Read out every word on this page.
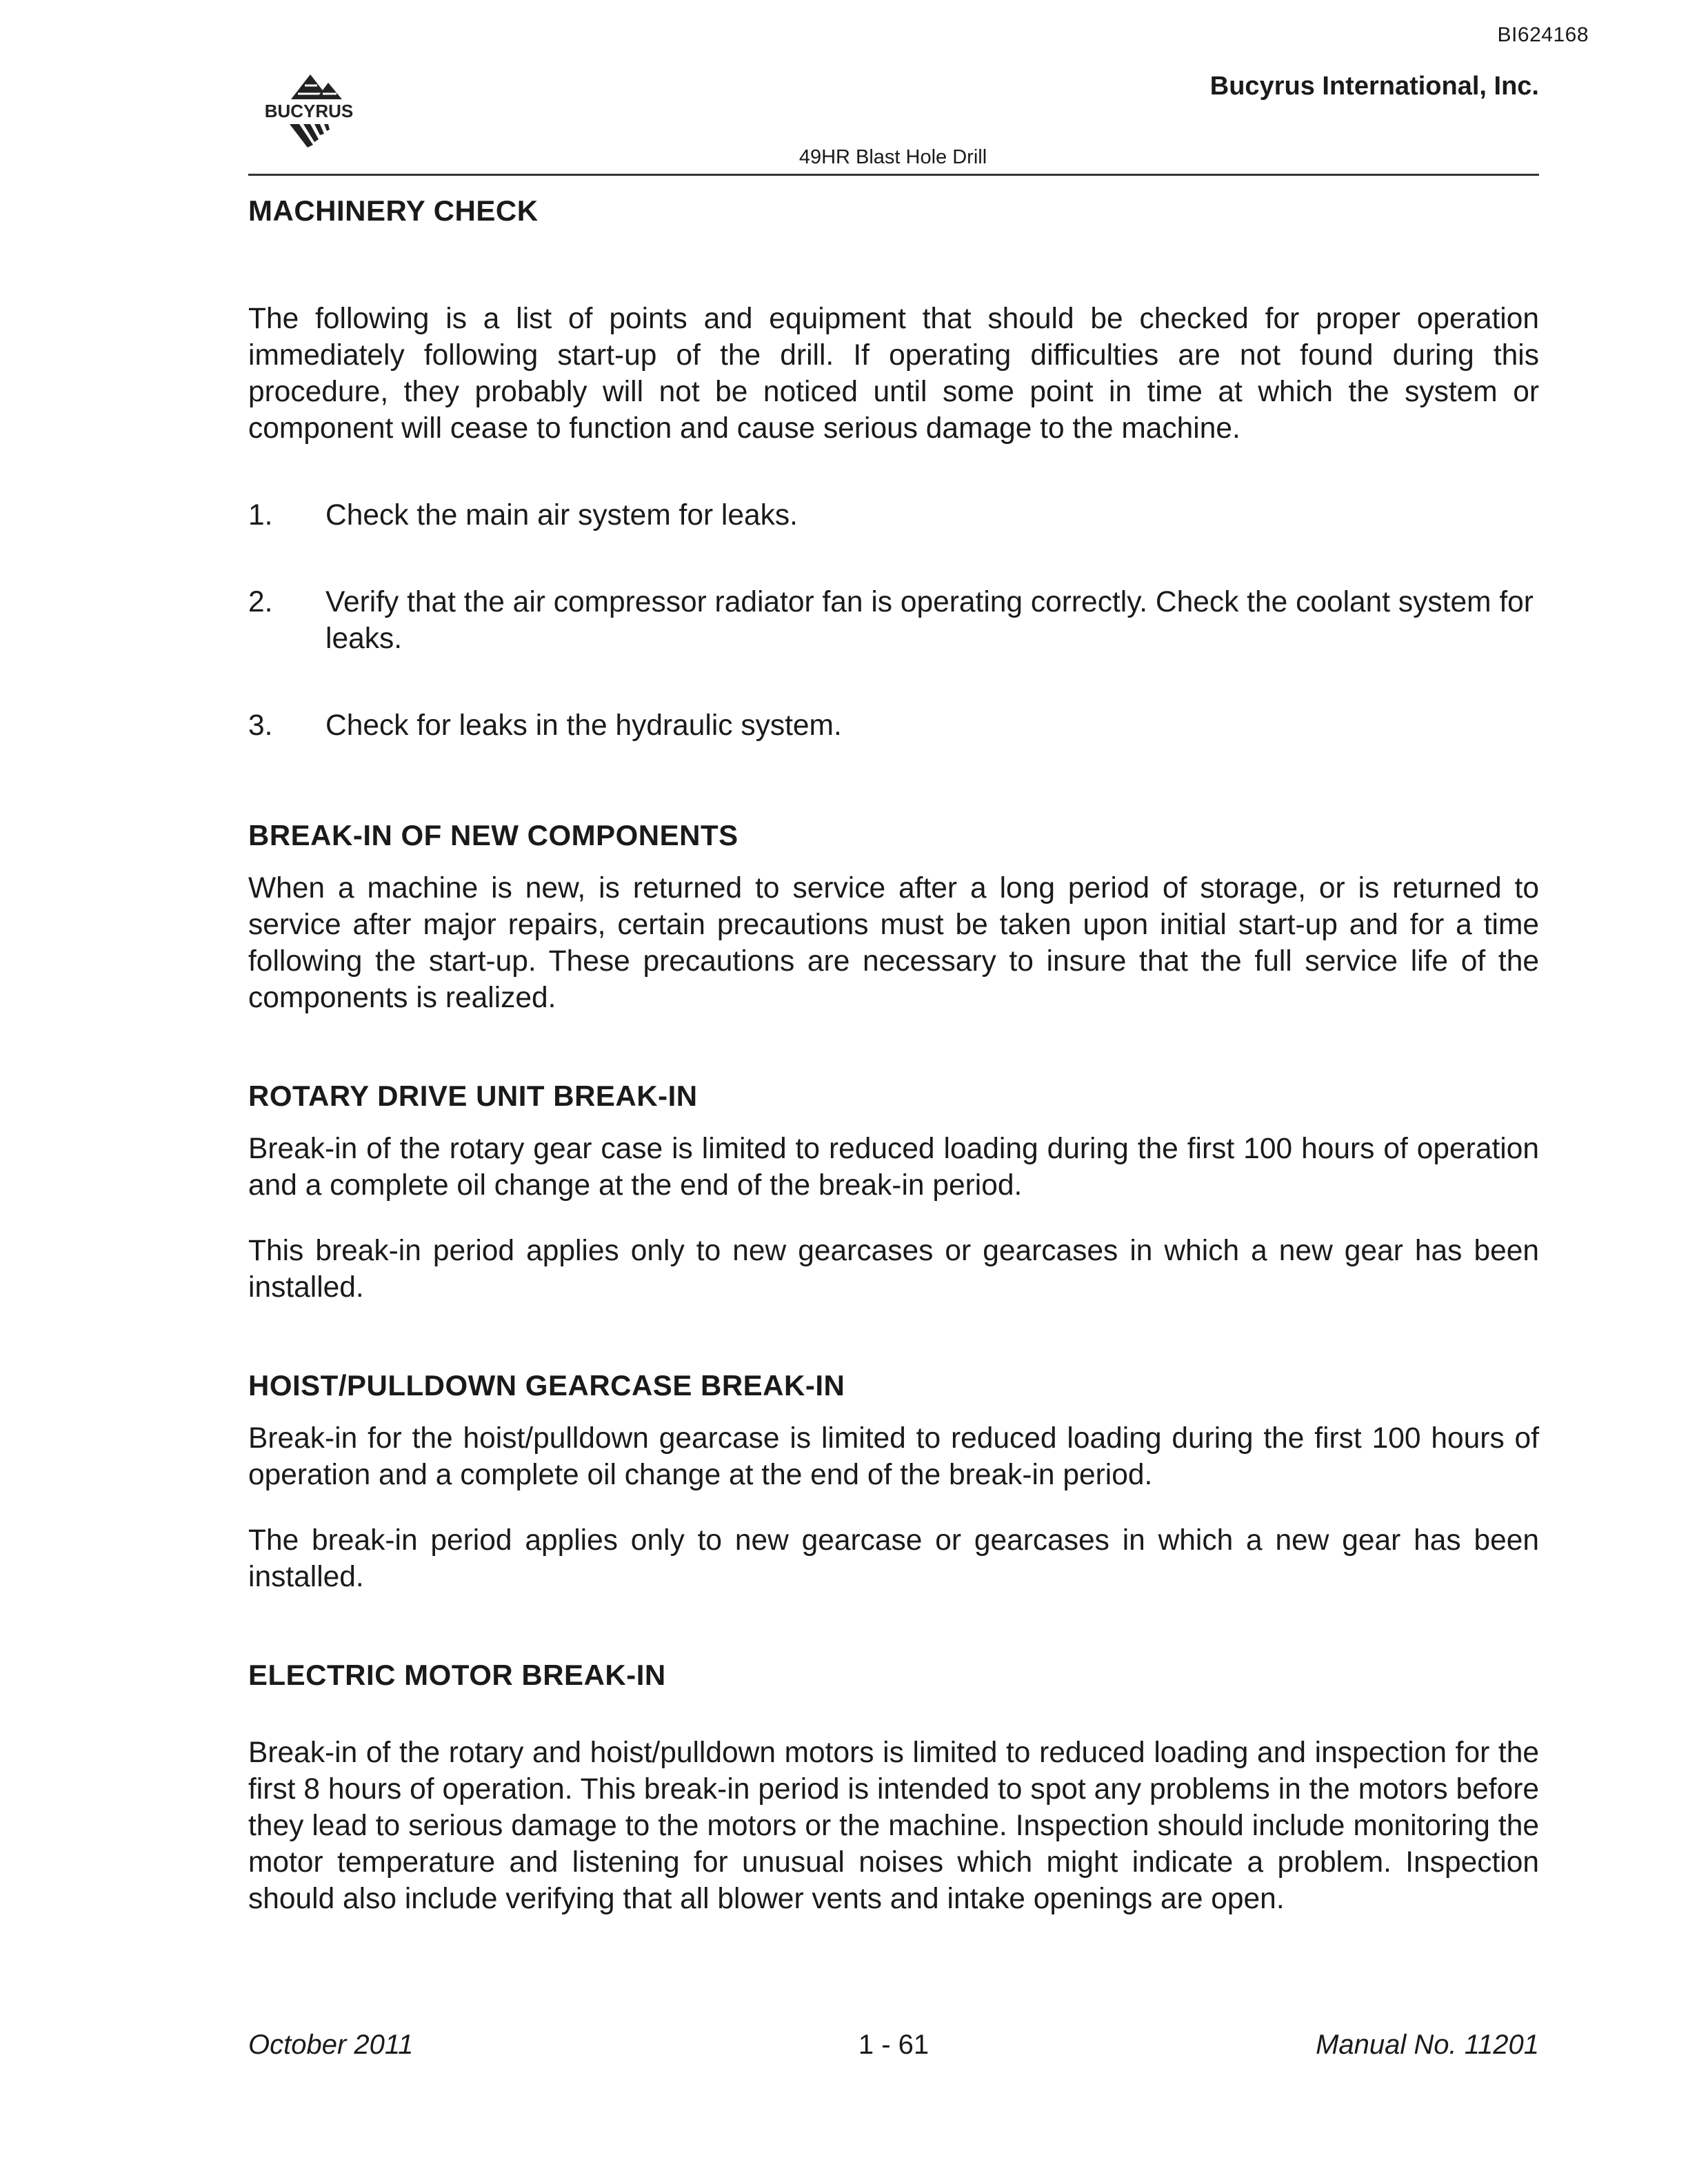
BI624168
BUCYRUS
Bucyrus International, Inc.
49HR Blast Hole Drill
MACHINERY CHECK

The following is a list of points and equipment that should be checked for proper operation immediately following start-up of the drill. If operating difficulties are not found during this procedure, they probably will not be noticed until some point in time at which the system or component will cease to function and cause serious damage to the machine.

1.	Check the main air system for leaks.
2.	Verify that the air compressor radiator fan is operating correctly. Check the coolant system for leaks.
3.	Check for leaks in the hydraulic system.
BREAK-IN OF NEW COMPONENTS

When a machine is new, is returned to service after a long period of storage, or is returned to service after major repairs, certain precautions must be taken upon initial start-up and for a time following the start-up. These precautions are necessary to insure that the full service life of the components is realized.

ROTARY DRIVE UNIT BREAK-IN

Break-in of the rotary gear case is limited to reduced loading during the first 100 hours of operation and a complete oil change at the end of the break-in period.

This break-in period applies only to new gearcases or gearcases in which a new gear has been installed.

HOIST/PULLDOWN GEARCASE BREAK-IN

Break-in for the hoist/pulldown gearcase is limited to reduced loading during the first 100 hours of operation and a complete oil change at the end of the break-in period.

The break-in period applies only to new gearcase or gearcases in which a new gear has been installed.

ELECTRIC MOTOR BREAK-IN

Break-in of the rotary and hoist/pulldown motors is limited to reduced loading and inspection for the first 8 hours of operation. This break-in period is intended to spot any problems in the motors before they lead to serious damage to the motors or the machine. Inspection should include monitoring the motor temperature and listening for unusual noises which might indicate a problem. Inspection should also include verifying that all blower vents and intake openings are open.

October 2011	1 - 61	Manual No. 11201
